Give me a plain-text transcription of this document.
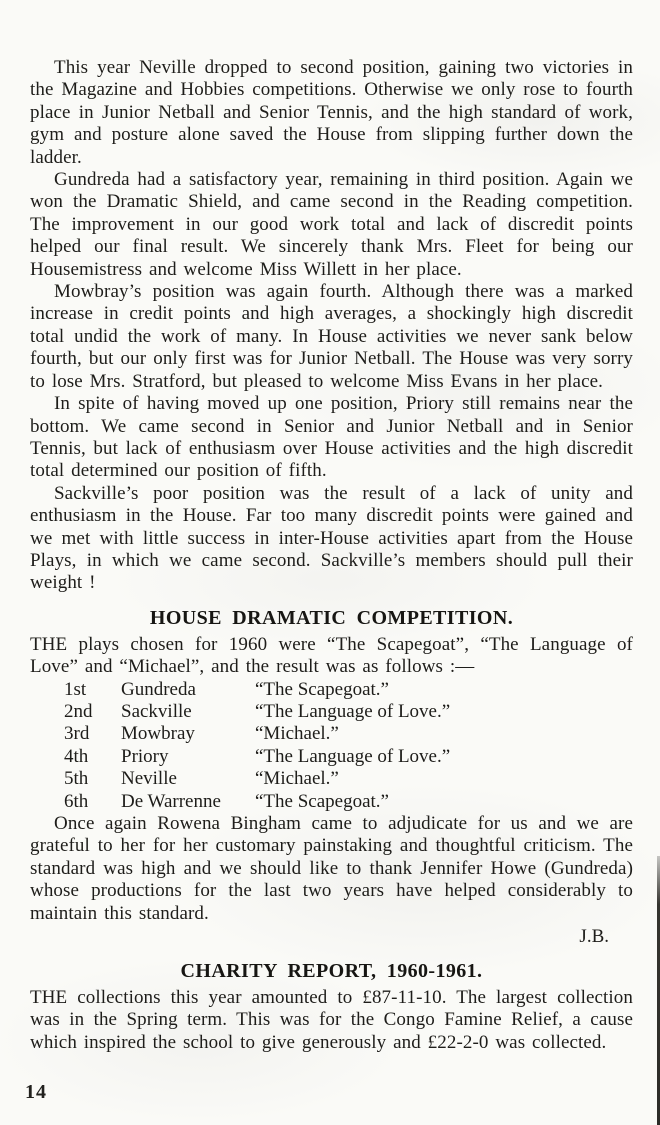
This year Neville dropped to second position, gaining two victories in the Magazine and Hobbies competitions. Otherwise we only rose to fourth place in Junior Netball and Senior Tennis, and the high standard of work, gym and posture alone saved the House from slipping further down the ladder.

Gundreda had a satisfactory year, remaining in third position. Again we won the Dramatic Shield, and came second in the Reading competition. The improvement in our good work total and lack of discredit points helped our final result. We sincerely thank Mrs. Fleet for being our Housemistress and welcome Miss Willett in her place.

Mowbray’s position was again fourth. Although there was a marked increase in credit points and high averages, a shockingly high discredit total undid the work of many. In House activities we never sank below fourth, but our only first was for Junior Netball. The House was very sorry to lose Mrs. Stratford, but pleased to welcome Miss Evans in her place.

In spite of having moved up one position, Priory still remains near the bottom. We came second in Senior and Junior Netball and in Senior Tennis, but lack of enthusiasm over House activities and the high discredit total determined our position of fifth.

Sackville’s poor position was the result of a lack of unity and enthusiasm in the House. Far too many discredit points were gained and we met with little success in inter-House activities apart from the House Plays, in which we came second. Sackville’s members should pull their weight !

HOUSE DRAMATIC COMPETITION.

THE plays chosen for 1960 were “The Scapegoat”, “The Language of Love” and “Michael”, and the result was as follows :—

1st	Gundreda	“The Scapegoat.”
2nd	Sackville	“The Language of Love.”
3rd	Mowbray	“Michael.”
4th	Priory	“The Language of Love.”
5th	Neville	“Michael.”
6th	De Warrenne	“The Scapegoat.”

Once again Rowena Bingham came to adjudicate for us and we are grateful to her for her customary painstaking and thoughtful criticism. The standard was high and we should like to thank Jennifer Howe (Gundreda) whose productions for the last two years have helped considerably to maintain this standard.

J.B.

CHARITY REPORT, 1960-1961.

THE collections this year amounted to £87-11-10. The largest collection was in the Spring term. This was for the Congo Famine Relief, a cause which inspired the school to give generously and £22-2-0 was collected.

14
